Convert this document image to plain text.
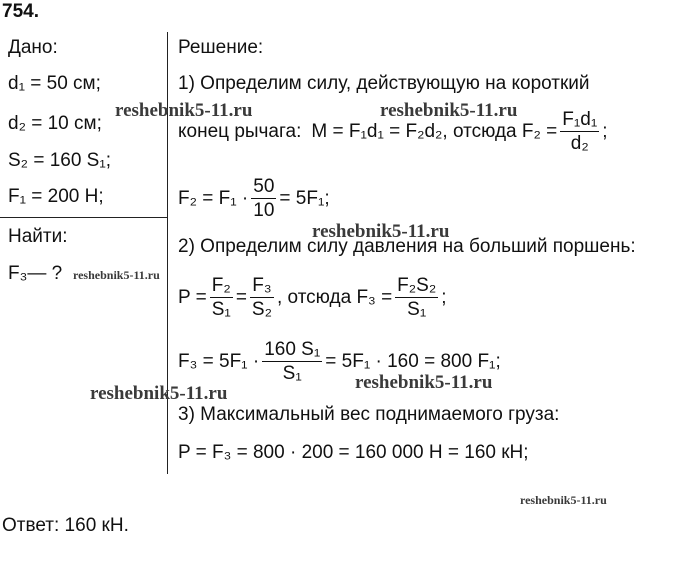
754.
Дано:
d₁ = 50 см;
d₂ = 10 см;
S₂ = 160 S₁;
F₁ = 200 Н;
Найти:
F₃— ?
Решение:
1) Определим силу, действующую на короткий
конец рычага: M = F₁d₁ = F₂d₂, отсюда $F_2 = \frac{\text{F₁d₁}}{\text{d₂}}$ ;
$F_2 = F_1 \cdot \frac{50}{10} = 5F_1$;
2) Определим силу давления на больший поршень:
$P = \frac{\text{F₂}}{\text{S₁}} = \frac{\text{F₃}}{\text{S₂}}$ , отсюда $F_3 = \frac{\text{F₂S₂}}{\text{S₁}}$ ;
$F_3 = 5F_1 \cdot \frac{\text{160 S₁}}{\text{S₁}} = 5F_1 \cdot 160 = 800$ F₁;
3) Максимальный вес поднимаемого груза:
P = F₃ = 800 · 200 = 160 000 Н = 160 кН;
Ответ: 160 кН.
reshebnik5-11.ru	reshebnik5-11.ru
reshebnik5-11.ru
reshebnik5-11.ru
reshebnik5-11.ru
reshebnik5-11.ru
reshebnik5-11.ru
